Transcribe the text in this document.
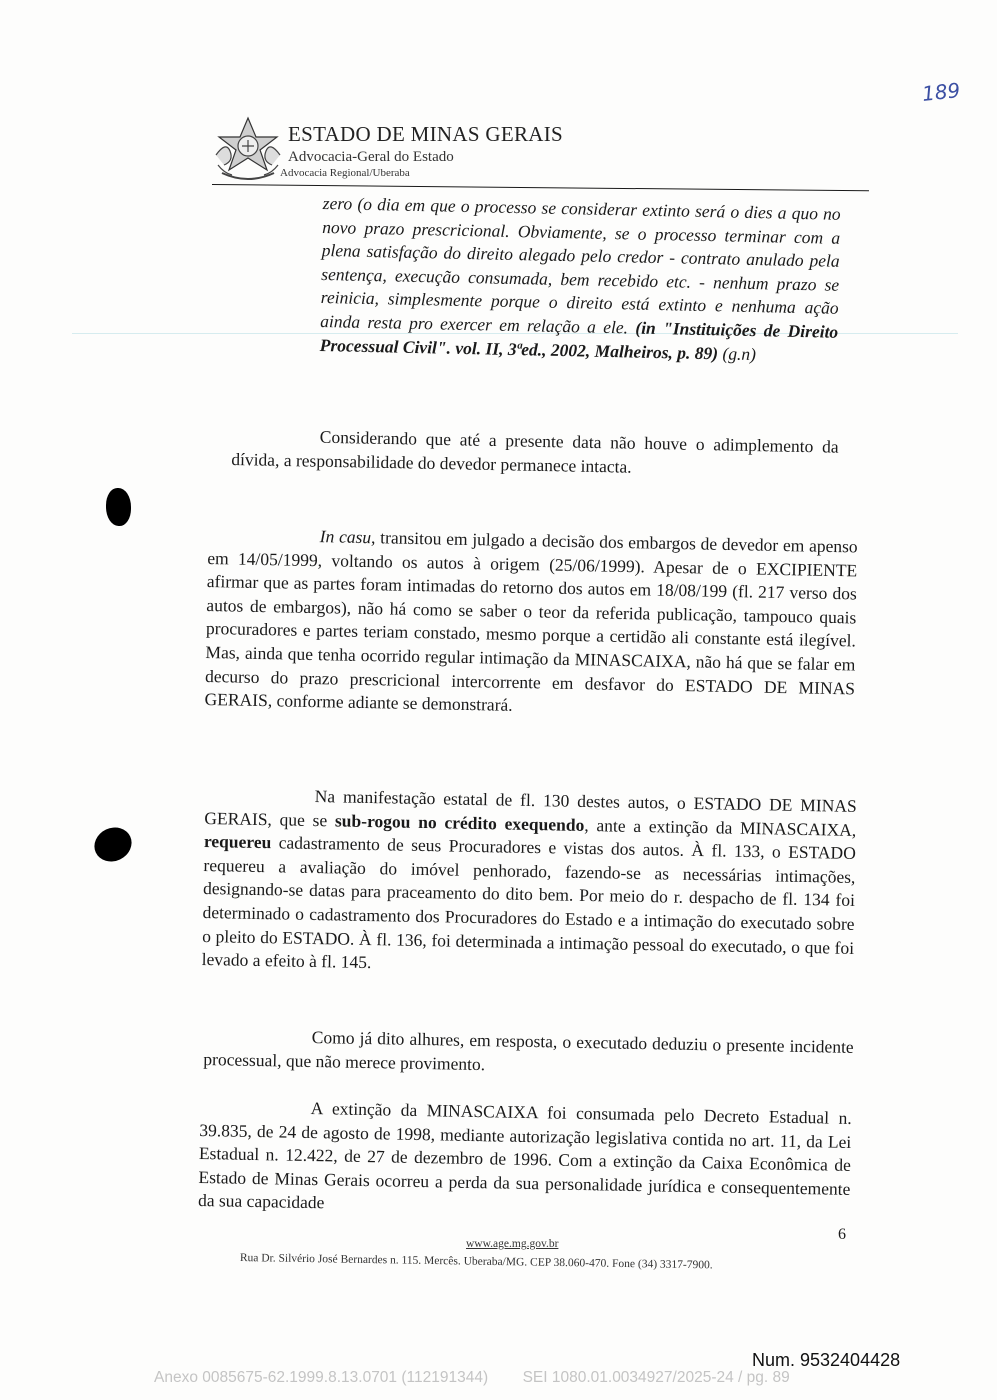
189
ESTADO DE MINAS GERAIS
Advocacia-Geral do Estado
Advocacia Regional/Uberaba
zero (o dia em que o processo se considerar extinto será o dies a quo no novo prazo prescricional. Obviamente, se o processo terminar com a plena satisfação do direito alegado pelo credor - contrato anulado pela sentença, execução consumada, bem recebido etc. - nenhum prazo se reinicia, simplesmente porque o direito está extinto e nenhuma ação ainda resta pro exercer em relação a ele. (in "Instituições de Direito Processual Civil". vol. II, 3ªed., 2002, Malheiros, p. 89) (g.n)
Considerando que até a presente data não houve o adimplemento da dívida, a responsabilidade do devedor permanece intacta.
In casu, transitou em julgado a decisão dos embargos de devedor em apenso em 14/05/1999, voltando os autos à origem (25/06/1999). Apesar de o EXCIPIENTE afirmar que as partes foram intimadas do retorno dos autos em 18/08/199 (fl. 217 verso dos autos de embargos), não há como se saber o teor da referida publicação, tampouco quais procuradores e partes teriam constado, mesmo porque a certidão ali constante está ilegível. Mas, ainda que tenha ocorrido regular intimação da MINASCAIXA, não há que se falar em decurso do prazo prescricional intercorrente em desfavor do ESTADO DE MINAS GERAIS, conforme adiante se demonstrará.
Na manifestação estatal de fl. 130 destes autos, o ESTADO DE MINAS GERAIS, que se sub-rogou no crédito exequendo, ante a extinção da MINASCAIXA, requereu cadastramento de seus Procuradores e vistas dos autos. À fl. 133, o ESTADO requereu a avaliação do imóvel penhorado, fazendo-se as necessárias intimações, designando-se datas para praceamento do dito bem. Por meio do r. despacho de fl. 134 foi determinado o cadastramento dos Procuradores do Estado e a intimação do executado sobre o pleito do ESTADO. À fl. 136, foi determinada a intimação pessoal do executado, o que foi levado a efeito à fl. 145.
Como já dito alhures, em resposta, o executado deduziu o presente incidente processual, que não merece provimento.
A extinção da MINASCAIXA foi consumada pelo Decreto Estadual n. 39.835, de 24 de agosto de 1998, mediante autorização legislativa contida no art. 11, da Lei Estadual n. 12.422, de 27 de dezembro de 1996. Com a extinção da Caixa Econômica de Estado de Minas Gerais ocorreu a perda da sua personalidade jurídica e consequentemente da sua capacidade
6
www.age.mg.gov.br
Rua Dr. Silvério José Bernardes n. 115. Mercês. Uberaba/MG. CEP 38.060-470. Fone (34) 3317-7900.
Num. 9532404428
Anexo 0085675-62.1999.8.13.0701 (112191344)        SEI 1080.01.0034927/2025-24 / pg. 89
